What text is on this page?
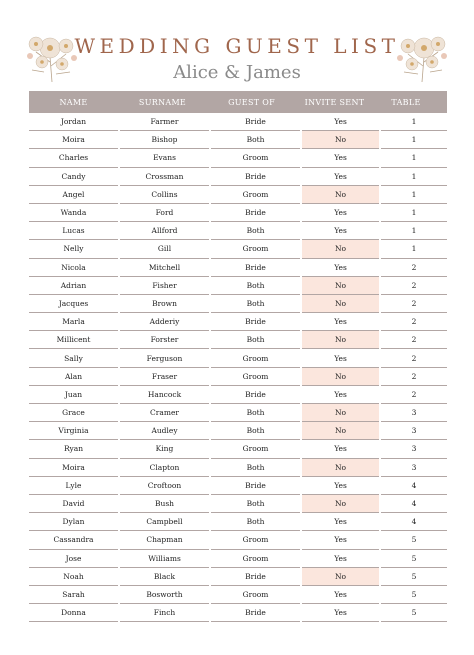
WEDDING GUEST LIST
Alice & James
NAME	SURNAME	GUEST OF	INVITE SENT	TABLE
Jordan	Farmer	Bride	Yes	1
Moira	Bishop	Both	No	1
Charles	Evans	Groom	Yes	1
Candy	Crossman	Bride	Yes	1
Angel	Collins	Groom	No	1
Wanda	Ford	Bride	Yes	1
Lucas	Allford	Both	Yes	1
Nelly	Gill	Groom	No	1
Nicola	Mitchell	Bride	Yes	2
Adrian	Fisher	Both	No	2
Jacques	Brown	Both	No	2
Marla	Adderiy	Bride	Yes	2
Millicent	Forster	Both	No	2
Sally	Ferguson	Groom	Yes	2
Alan	Fraser	Groom	No	2
Juan	Hancock	Bride	Yes	2
Grace	Cramer	Both	No	3
Virginia	Audley	Both	No	3
Ryan	King	Groom	Yes	3
Moira	Clapton	Both	No	3
Lyle	Croftoon	Bride	Yes	4
David	Bush	Both	No	4
Dylan	Campbell	Both	Yes	4
Cassandra	Chapman	Groom	Yes	5
Jose	Williams	Groom	Yes	5
Noah	Black	Bride	No	5
Sarah	Bosworth	Groom	Yes	5
Donna	Finch	Bride	Yes	5
